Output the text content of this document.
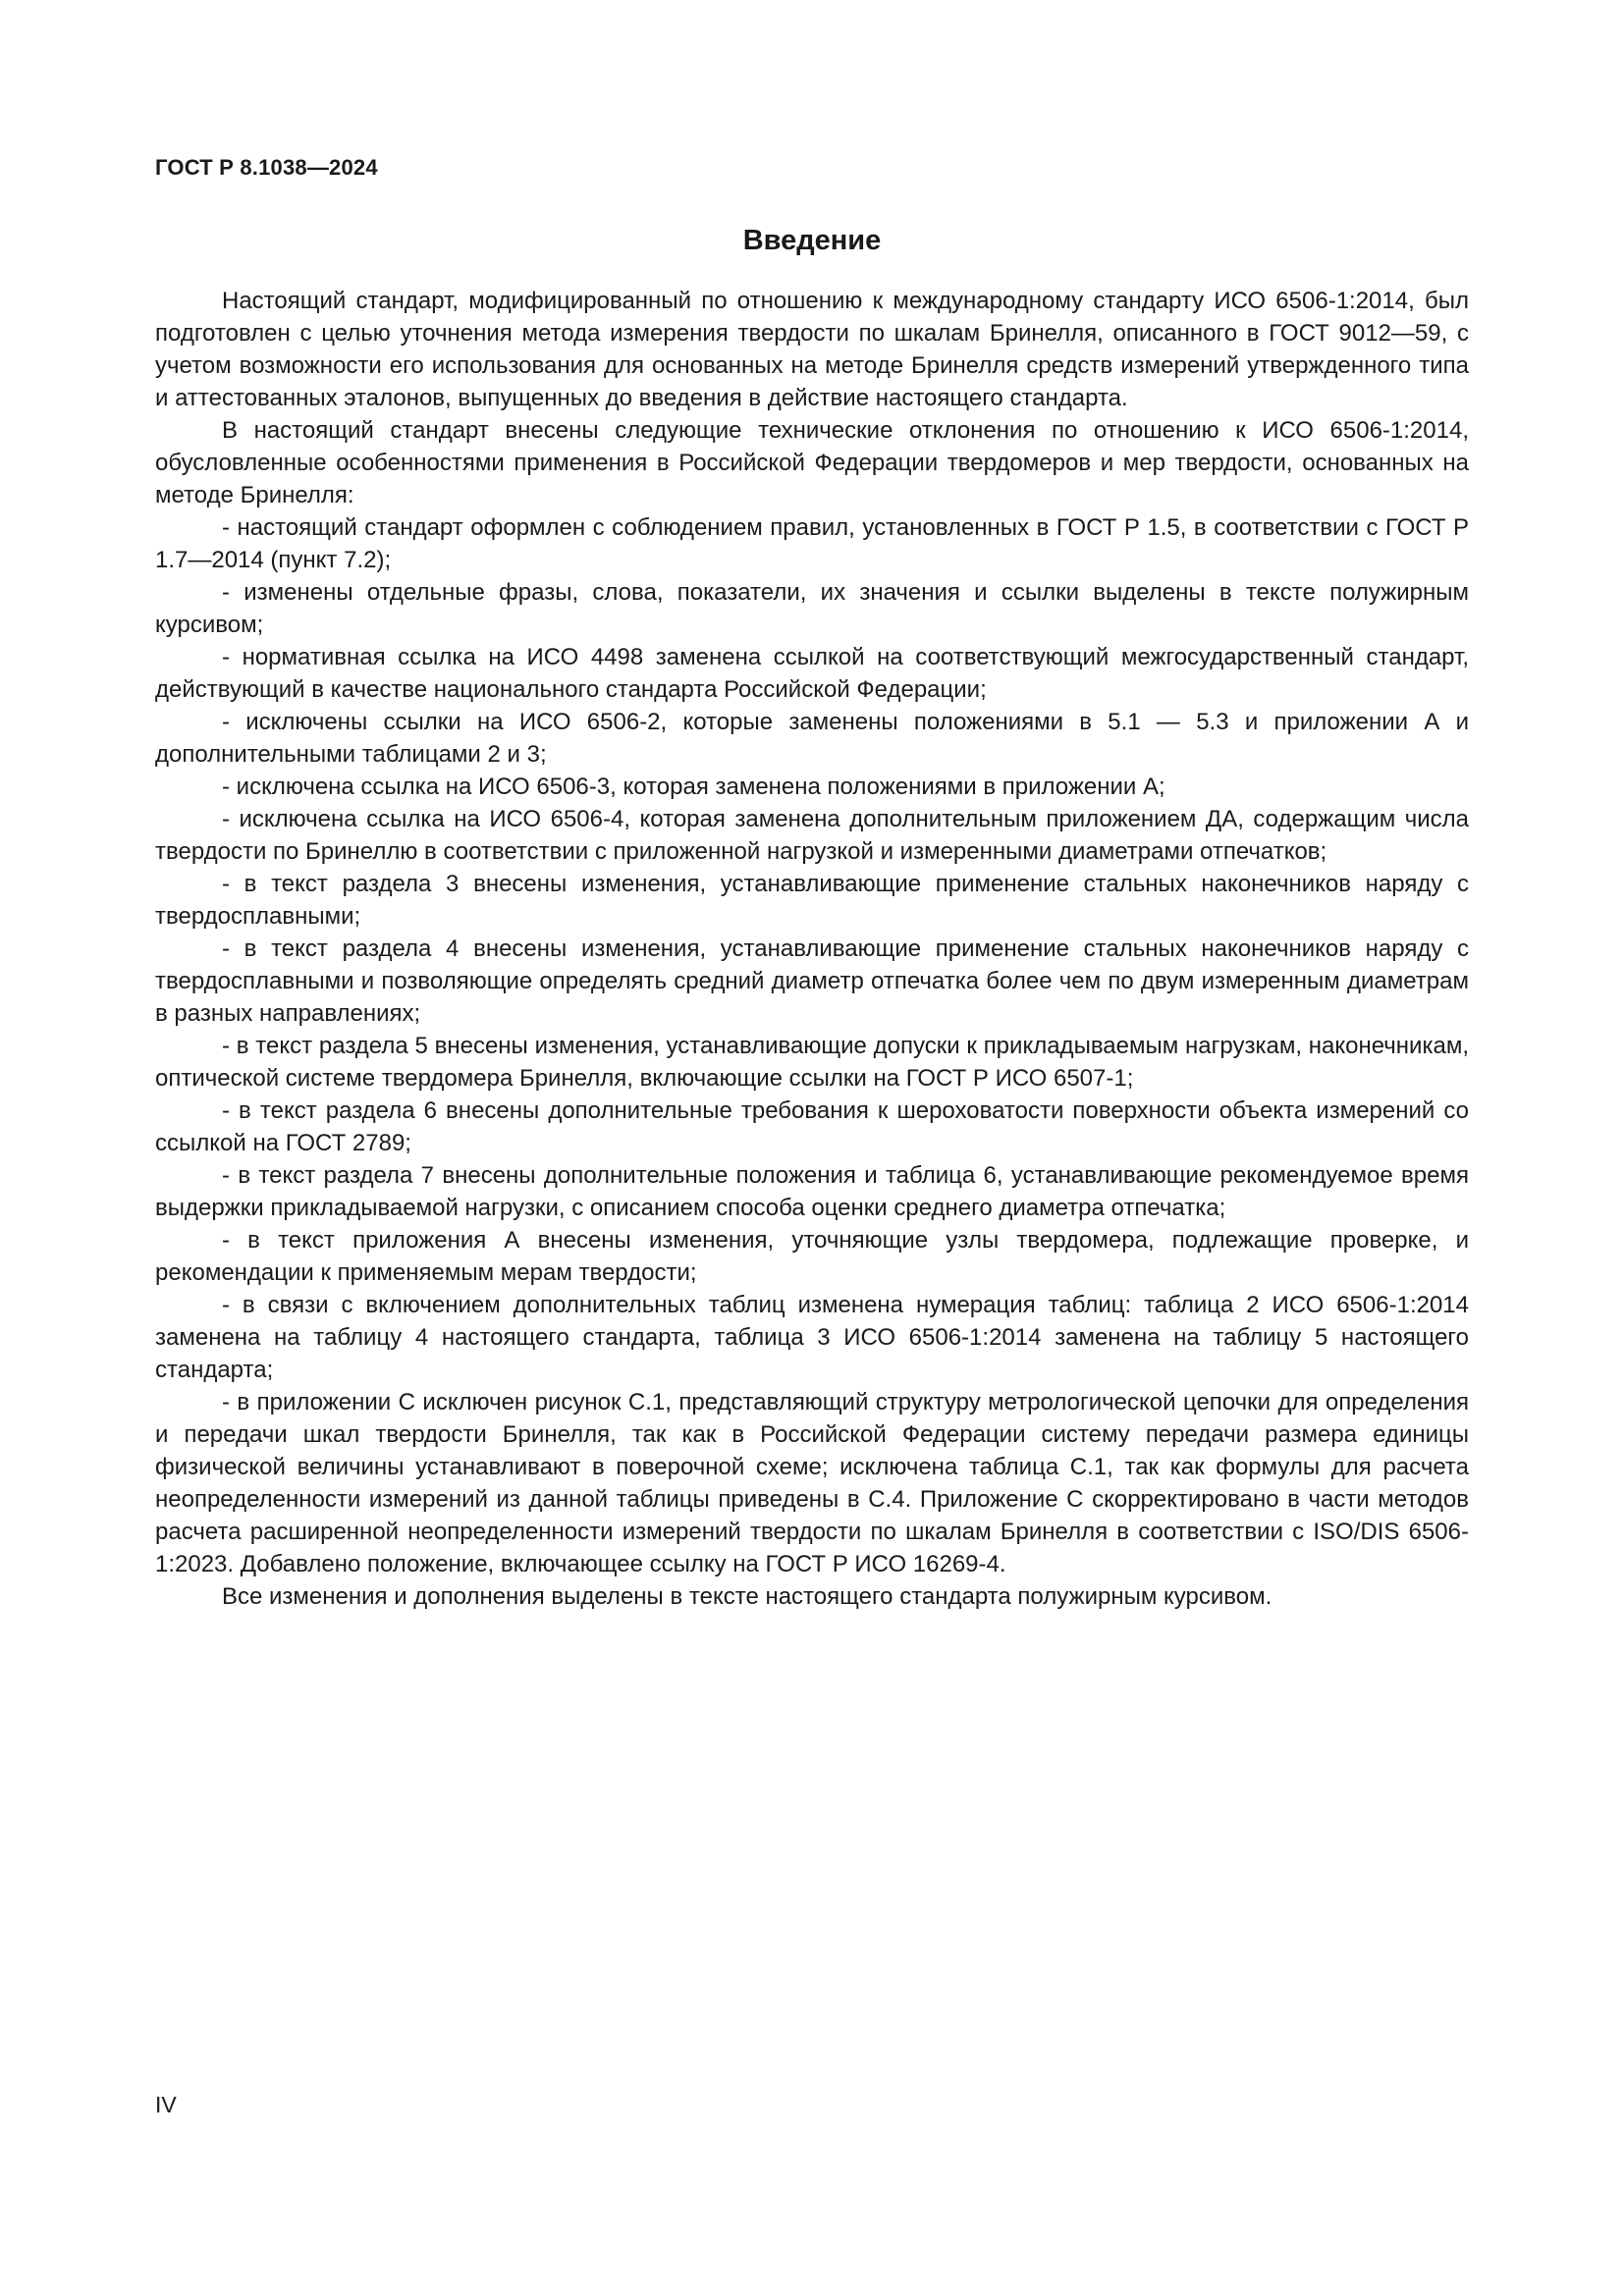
ГОСТ Р 8.1038—2024
Введение

Настоящий стандарт, модифицированный по отношению к международному стандарту ИСО 6506-1:2014, был подготовлен с целью уточнения метода измерения твердости по шкалам Бринелля, описанного в ГОСТ 9012—59, с учетом возможности его использования для основанных на методе Бринелля средств измерений утвержденного типа и аттестованных эталонов, выпущенных до введения в действие настоящего стандарта.

В настоящий стандарт внесены следующие технические отклонения по отношению к ИСО 6506-1:2014, обусловленные особенностями применения в Российской Федерации твердомеров и мер твердости, основанных на методе Бринелля:

- настоящий стандарт оформлен с соблюдением правил, установленных в ГОСТ Р 1.5, в соответствии с ГОСТ Р 1.7—2014 (пункт 7.2);

- изменены отдельные фразы, слова, показатели, их значения и ссылки выделены в тексте полужирным курсивом;

- нормативная ссылка на ИСО 4498 заменена ссылкой на соответствующий межгосударственный стандарт, действующий в качестве национального стандарта Российской Федерации;

- исключены ссылки на ИСО 6506-2, которые заменены положениями в 5.1 — 5.3 и приложении А и дополнительными таблицами 2 и 3;

- исключена ссылка на ИСО 6506-3, которая заменена положениями в приложении А;

- исключена ссылка на ИСО 6506-4, которая заменена дополнительным приложением ДА, содержащим числа твердости по Бринеллю в соответствии с приложенной нагрузкой и измеренными диаметрами отпечатков;

- в текст раздела 3 внесены изменения, устанавливающие применение стальных наконечников наряду с твердосплавными;

- в текст раздела 4 внесены изменения, устанавливающие применение стальных наконечников наряду с твердосплавными и позволяющие определять средний диаметр отпечатка более чем по двум измеренным диаметрам в разных направлениях;

- в текст раздела 5 внесены изменения, устанавливающие допуски к прикладываемым нагрузкам, наконечникам, оптической системе твердомера Бринелля, включающие ссылки на ГОСТ Р ИСО 6507-1;

- в текст раздела 6 внесены дополнительные требования к шероховатости поверхности объекта измерений со ссылкой на ГОСТ 2789;

- в текст раздела 7 внесены дополнительные положения и таблица 6, устанавливающие рекомендуемое время выдержки прикладываемой нагрузки, с описанием способа оценки среднего диаметра отпечатка;

- в текст приложения А внесены изменения, уточняющие узлы твердомера, подлежащие проверке, и рекомендации к применяемым мерам твердости;

- в связи с включением дополнительных таблиц изменена нумерация таблиц: таблица 2 ИСО 6506-1:2014 заменена на таблицу 4 настоящего стандарта, таблица 3 ИСО 6506-1:2014 заменена на таблицу 5 настоящего стандарта;

- в приложении С исключен рисунок С.1, представляющий структуру метрологической цепочки для определения и передачи шкал твердости Бринелля, так как в Российской Федерации систему передачи размера единицы физической величины устанавливают в поверочной схеме; исключена таблица С.1, так как формулы для расчета неопределенности измерений из данной таблицы приведены в С.4. Приложение С скорректировано в части методов расчета расширенной неопределенности измерений твердости по шкалам Бринелля в соответствии с ISO/DIS 6506-1:2023. Добавлено положение, включающее ссылку на ГОСТ Р ИСО 16269-4.

Все изменения и дополнения выделены в тексте настоящего стандарта полужирным курсивом.

IV
